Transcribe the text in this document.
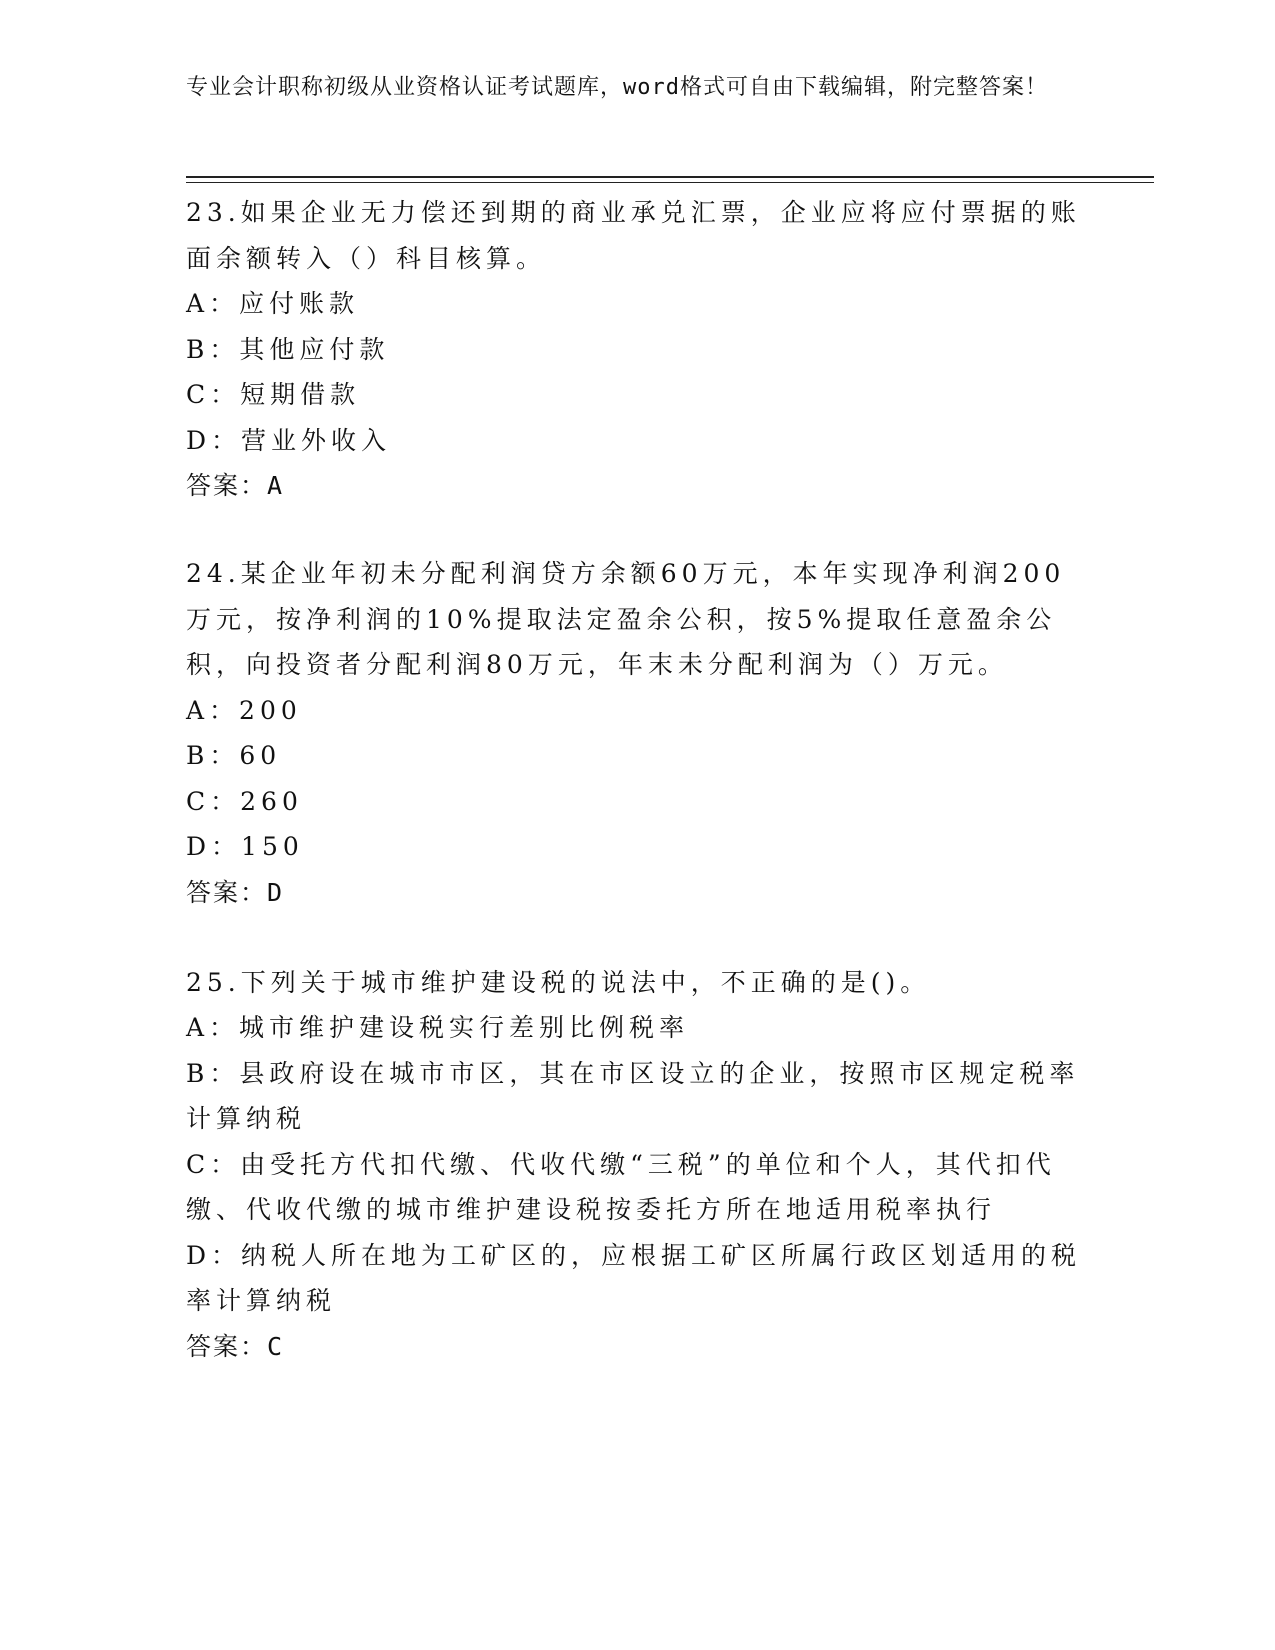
专业会计职称初级从业资格认证考试题库，word格式可自由下载编辑，附完整答案！

23.如果企业无力偿还到期的商业承兑汇票，企业应将应付票据的账面余额转入（）科目核算。

A：应付账款

B：其他应付款

C：短期借款

D：营业外收入

答案：A

24.某企业年初未分配利润贷方余额60万元，本年实现净利润200万元，按净利润的10%提取法定盈余公积，按5%提取任意盈余公积，向投资者分配利润80万元，年末未分配利润为（）万元。

A：200

B：60

C：260

D：150

答案：D

25.下列关于城市维护建设税的说法中，不正确的是()。

A：城市维护建设税实行差别比例税率

B：县政府设在城市市区，其在市区设立的企业，按照市区规定税率计算纳税

C：由受托方代扣代缴、代收代缴“三税”的单位和个人，其代扣代缴、代收代缴的城市维护建设税按委托方所在地适用税率执行

D：纳税人所在地为工矿区的，应根据工矿区所属行政区划适用的税率计算纳税

答案：C
